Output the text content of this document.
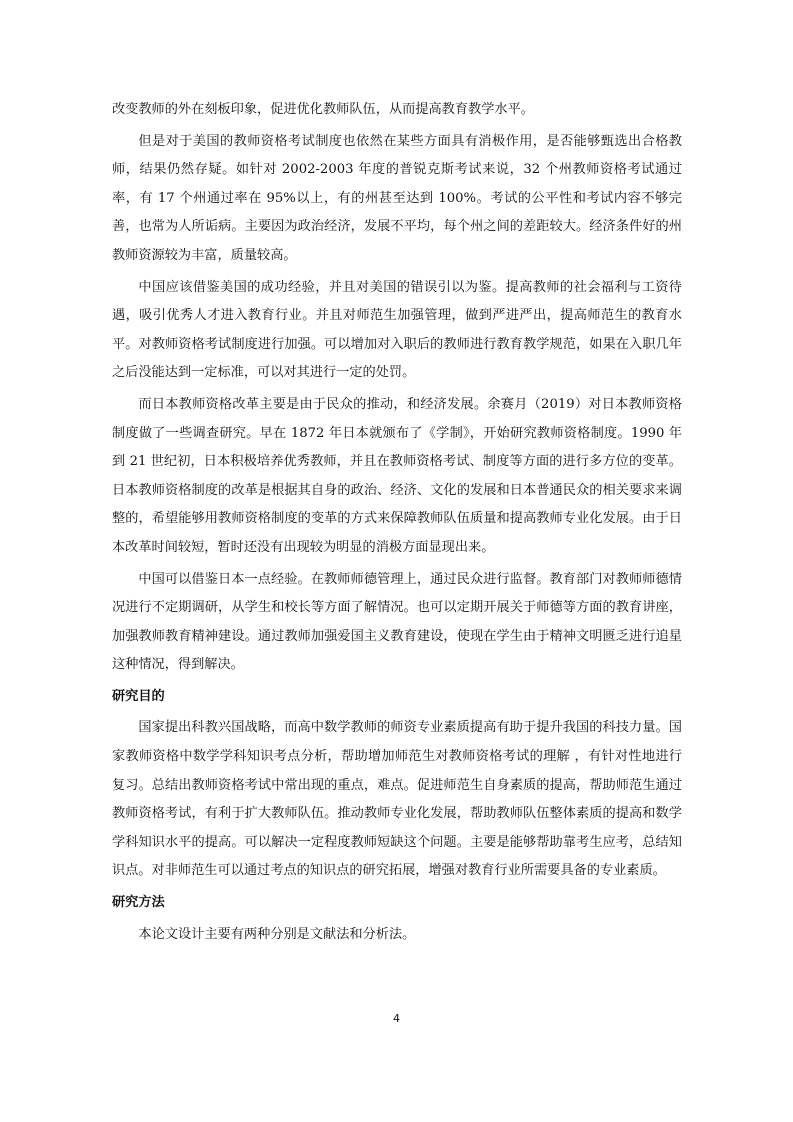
改变教师的外在刻板印象，促进优化教师队伍，从而提高教育教学水平。

但是对于美国的教师资格考试制度也依然在某些方面具有消极作用，是否能够甄选出合格教师，结果仍然存疑。如针对 2002-2003 年度的普锐克斯考试来说，32 个州教师资格考试通过率，有 17 个州通过率在 95%以上，有的州甚至达到 100%。考试的公平性和考试内容不够完善，也常为人所诟病。主要因为政治经济，发展不平均，每个州之间的差距较大。经济条件好的州教师资源较为丰富，质量较高。

中国应该借鉴美国的成功经验，并且对美国的错误引以为鉴。提高教师的社会福利与工资待遇，吸引优秀人才进入教育行业。并且对师范生加强管理，做到严进严出，提高师范生的教育水平。对教师资格考试制度进行加强。可以增加对入职后的教师进行教育教学规范，如果在入职几年之后没能达到一定标准，可以对其进行一定的处罚。

而日本教师资格改革主要是由于民众的推动，和经济发展。余赛月（2019）对日本教师资格制度做了一些调查研究。早在 1872 年日本就颁布了《学制》，开始研究教师资格制度。1990 年到 21 世纪初，日本积极培养优秀教师，并且在教师资格考试、制度等方面的进行多方位的变革。日本教师资格制度的改革是根据其自身的政治、经济、文化的发展和日本普通民众的相关要求来调整的，希望能够用教师资格制度的变革的方式来保障教师队伍质量和提高教师专业化发展。由于日本改革时间较短，暂时还没有出现较为明显的消极方面显现出来。

中国可以借鉴日本一点经验。在教师师德管理上，通过民众进行监督。教育部门对教师师德情况进行不定期调研，从学生和校长等方面了解情况。也可以定期开展关于师德等方面的教育讲座，加强教师教育精神建设。通过教师加强爱国主义教育建设，使现在学生由于精神文明匮乏进行追星这种情况，得到解决。

研究目的

国家提出科教兴国战略，而高中数学教师的师资专业素质提高有助于提升我国的科技力量。国家教师资格中数学学科知识考点分析，帮助增加师范生对教师资格考试的理解 ，有针对性地进行复习。总结出教师资格考试中常出现的重点，难点。促进师范生自身素质的提高，帮助师范生通过教师资格考试，有利于扩大教师队伍。推动教师专业化发展，帮助教师队伍整体素质的提高和数学学科知识水平的提高。可以解决一定程度教师短缺这个问题。主要是能够帮助靠考生应考，总结知识点。对非师范生可以通过考点的知识点的研究拓展，增强对教育行业所需要具备的专业素质。

研究方法

本论文设计主要有两种分别是文献法和分析法。

4
